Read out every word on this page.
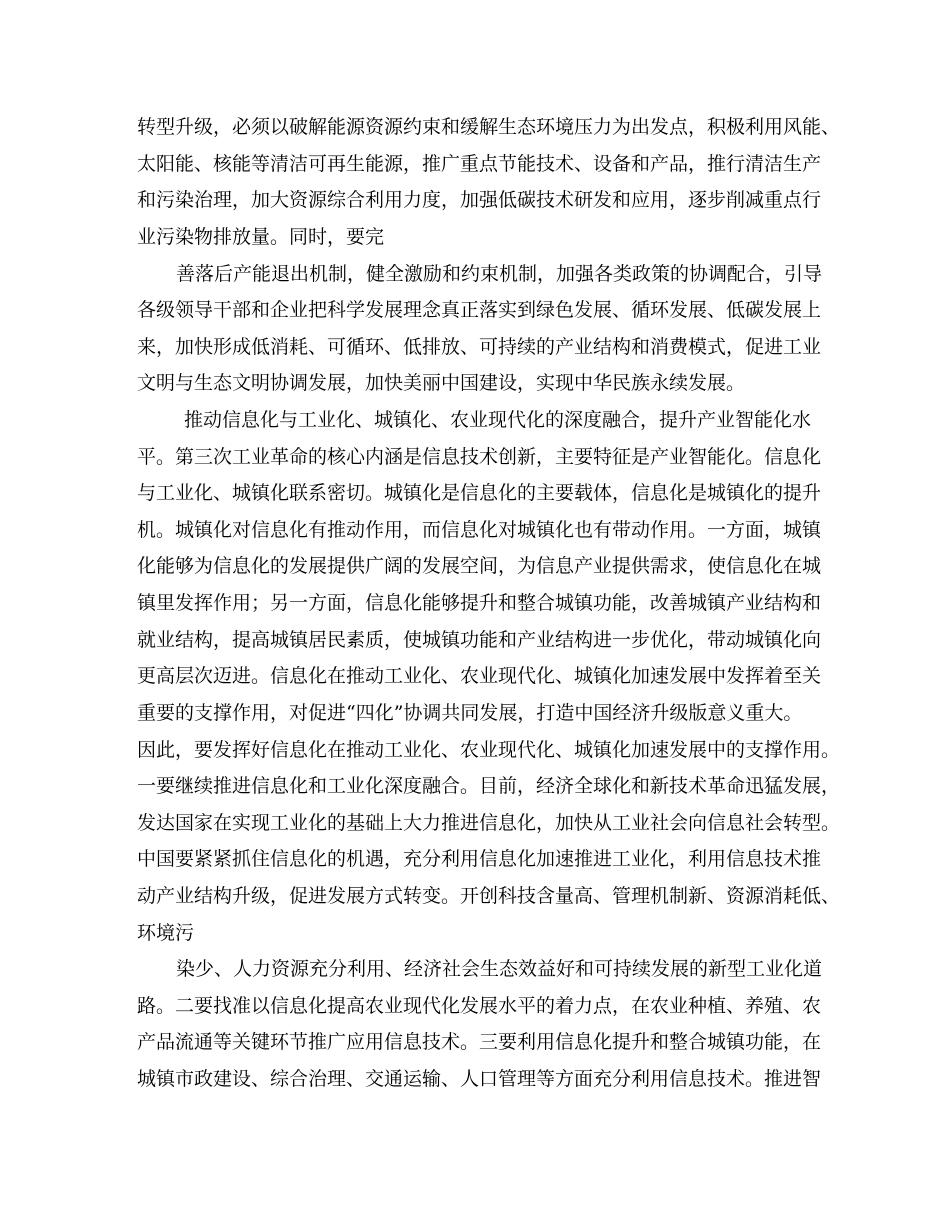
转型升级，必须以破解能源资源约束和缓解生态环境压力为出发点，积极利用风能、

太阳能、核能等清洁可再生能源，推广重点节能技术、设备和产品，推行清洁生产

和污染治理，加大资源综合利用力度，加强低碳技术研发和应用，逐步削减重点行

业污染物排放量。同时，要完

善落后产能退出机制，健全激励和约束机制，加强各类政策的协调配合，引导

各级领导干部和企业把科学发展理念真正落实到绿色发展、循环发展、低碳发展上

来，加快形成低消耗、可循环、低排放、可持续的产业结构和消费模式，促进工业

文明与生态文明协调发展，加快美丽中国建设，实现中华民族永续发展。

推动信息化与工业化、城镇化、农业现代化的深度融合，提升产业智能化水

平。第三次工业革命的核心内涵是信息技术创新，主要特征是产业智能化。信息化

与工业化、城镇化联系密切。城镇化是信息化的主要载体，信息化是城镇化的提升

机。城镇化对信息化有推动作用，而信息化对城镇化也有带动作用。一方面，城镇

化能够为信息化的发展提供广阔的发展空间，为信息产业提供需求，使信息化在城

镇里发挥作用；另一方面，信息化能够提升和整合城镇功能，改善城镇产业结构和

就业结构，提高城镇居民素质，使城镇功能和产业结构进一步优化，带动城镇化向

更高层次迈进。信息化在推动工业化、农业现代化、城镇化加速发展中发挥着至关

重要的支撑作用，对促进“四化”协调共同发展，打造中国经济升级版意义重大。

因此，要发挥好信息化在推动工业化、农业现代化、城镇化加速发展中的支撑作用。

一要继续推进信息化和工业化深度融合。目前，经济全球化和新技术革命迅猛发展，

发达国家在实现工业化的基础上大力推进信息化，加快从工业社会向信息社会转型。

中国要紧紧抓住信息化的机遇，充分利用信息化加速推进工业化，利用信息技术推

动产业结构升级，促进发展方式转变。开创科技含量高、管理机制新、资源消耗低、

环境污

染少、人力资源充分利用、经济社会生态效益好和可持续发展的新型工业化道

路。二要找准以信息化提高农业现代化发展水平的着力点，在农业种植、养殖、农

产品流通等关键环节推广应用信息技术。三要利用信息化提升和整合城镇功能，在

城镇市政建设、综合治理、交通运输、人口管理等方面充分利用信息技术。推进智
